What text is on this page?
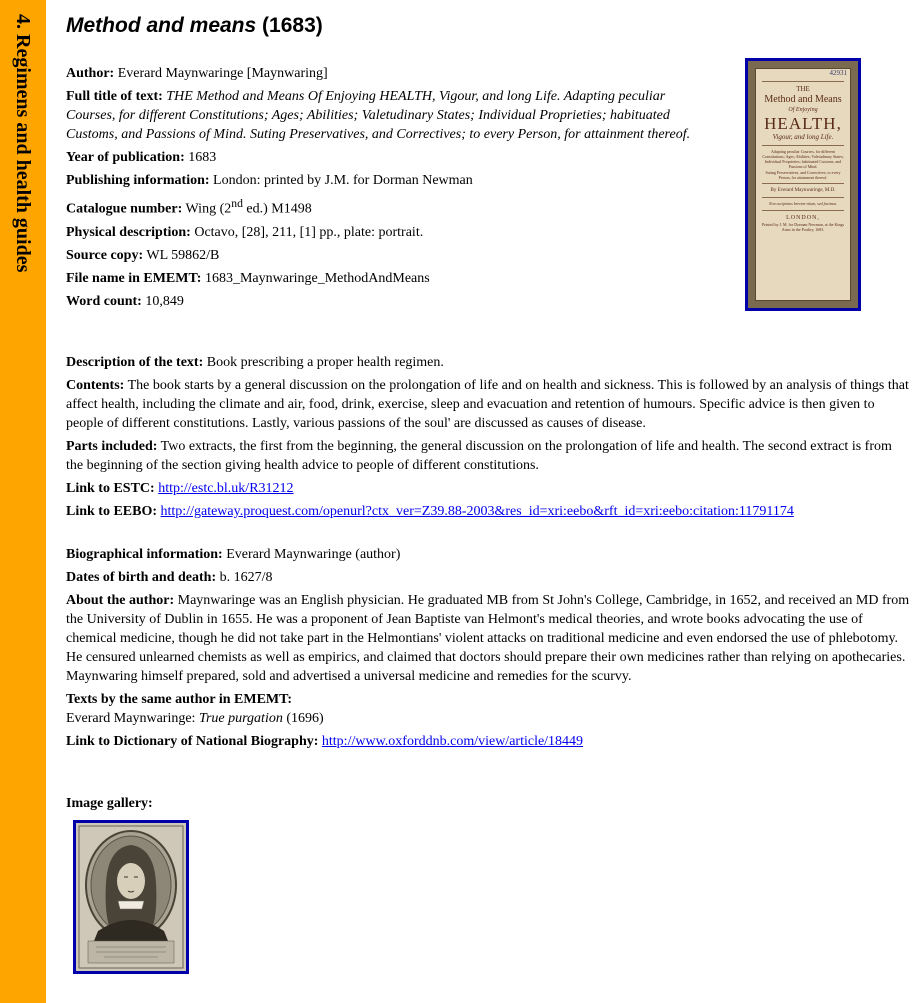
4. Regimens and health guides Method and means (1683)

Author: Everard Maynwaringe [Maynwaring]

Full title of text: THE Method and Means Of Enjoying HEALTH, Vigour, and long Life. Adapting peculiar Courses, for different Constitutions; Ages; Abilities; Valetudinary States; Individual Proprieties; habituated Customs, and Passions of Mind. Suting Preservatives, and Correctives; to every Person, for attainment thereof.

Year of publication: 1683

Publishing information: London: printed by J.M. for Dorman Newman

Catalogue number: Wing (2nd ed.) M1498

Physical description: Octavo, [28], 211, [1] pp., plate: portrait.

Source copy: WL 59862/B

File name in EMEMT: 1683_Maynwaringe_MethodAndMeans

Word count: 10,849

42931
THE
Method and Means
Of Enjoying
HEALTH,
Vigour, and long Life.
Adapting peculiar Courses, for different Constitutions; Ages; Abilities; Valetudinary States; Individual Proprieties; habituated Customs, and Passions of Mind.
Suting Preservatives, and Correctives; to every Person, for attainment thereof.
By Everard Maynwaringe, M.D.
Non accipimus brevem vitam, sed facimus.
LONDON,
Printed by J. M. for Dorman Newman, at the Kings Arms in the Poultry, 1683.

Description of the text: Book prescribing a proper health regimen.

Contents: The book starts by a general discussion on the prolongation of life and on health and sickness. This is followed by an analysis of things that affect health, including the climate and air, food, drink, exercise, sleep and evacuation and retention of humours. Specific advice is then given to people of different constitutions. Lastly, various passions of the soul' are discussed as causes of disease.

Parts included: Two extracts, the first from the beginning, the general discussion on the prolongation of life and health. The second extract is from the beginning of the section giving health advice to people of different constitutions.

Link to ESTC: http://estc.bl.uk/R31212

Link to EEBO: http://gateway.proquest.com/openurl?ctx_ver=Z39.88-2003&res_id=xri:eebo&rft_id=xri:eebo:citation:11791174

Biographical information: Everard Maynwaringe (author)

Dates of birth and death: b. 1627/8

About the author: Maynwaringe was an English physician. He graduated MB from St John's College, Cambridge, in 1652, and received an MD from the University of Dublin in 1655. He was a proponent of Jean Baptiste van Helmont's medical theories, and wrote books advocating the use of chemical medicine, though he did not take part in the Helmontians' violent attacks on traditional medicine and even endorsed the use of phlebotomy. He censured unlearned chemists as well as empirics, and claimed that doctors should prepare their own medicines rather than relying on apothecaries. Maynwaring himself prepared, sold and advertised a universal medicine and remedies for the scurvy.

Texts by the same author in EMEMT:

Everard Maynwaringe: True purgation (1696)

Link to Dictionary of National Biography: http://www.oxforddnb.com/view/article/18449

Image gallery:
